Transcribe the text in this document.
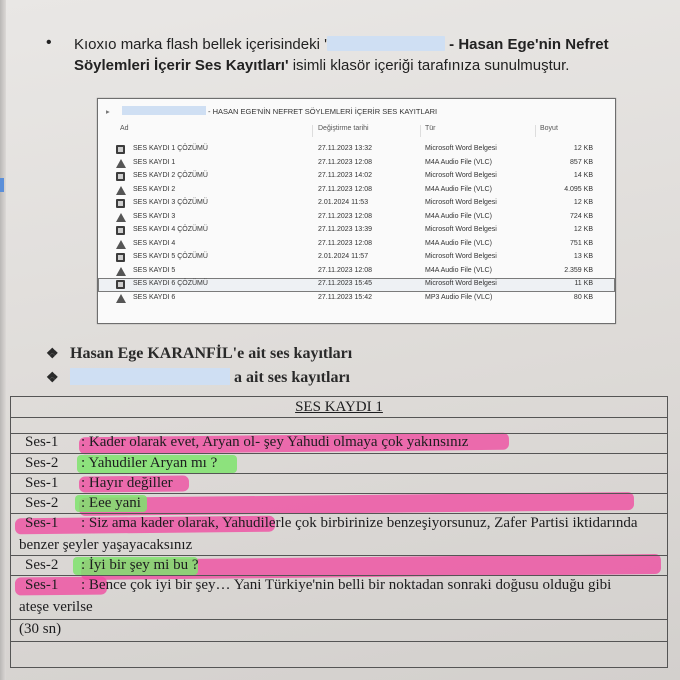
• Kıoxıo marka flash bellek içerisindeki '	- Hasan Ege'nin Nefret
Söylemleri İçerir Ses Kayıtları' isimli klasör içeriği tarafınıza sunulmuştur.
▸	- HASAN EGE'NİN NEFRET SÖYLEMLERİ İÇERİR SES KAYITLARI
Ad	Değiştirme tarihi	Tür	Boyut
SES KAYDI 1 ÇÖZÜMÜ	27.11.2023 13:32	Microsoft Word Belgesi	12 KB
SES KAYDI 1	27.11.2023 12:08	M4A Audio File (VLC)	857 KB
SES KAYDI 2 ÇÖZÜMÜ	27.11.2023 14:02	Microsoft Word Belgesi	14 KB
SES KAYDI 2	27.11.2023 12:08	M4A Audio File (VLC)	4.095 KB
SES KAYDI 3 ÇÖZÜMÜ	2.01.2024 11:53	Microsoft Word Belgesi	12 KB
SES KAYDI 3	27.11.2023 12:08	M4A Audio File (VLC)	724 KB
SES KAYDI 4 ÇÖZÜMÜ	27.11.2023 13:39	Microsoft Word Belgesi	12 KB
SES KAYDI 4	27.11.2023 12:08	M4A Audio File (VLC)	751 KB
SES KAYDI 5 ÇÖZÜMÜ	2.01.2024 11:57	Microsoft Word Belgesi	13 KB
SES KAYDI 5	27.11.2023 12:08	M4A Audio File (VLC)	2.359 KB
SES KAYDI 6 ÇÖZÜMÜ	27.11.2023 15:45	Microsoft Word Belgesi	11 KB
SES KAYDI 6	27.11.2023 15:42	MP3 Audio File (VLC)	80 KB
❖ Hasan Ege KARANFİL'e ait ses kayıtları
❖	a ait ses kayıtları
SES KAYDI 1
Ses-1 : Kader olarak evet, Aryan ol- şey Yahudi olmaya çok yakınsınız
Ses-2 : Yahudiler Aryan mı ?
Ses-1 : Hayır değiller
Ses-2 : Eee yani
Ses-1 : Siz ama kader olarak, Yahudilerle çok birbirinize benzeşiyorsunuz, Zafer Partisi iktidarında
benzer şeyler yaşayacaksınız
Ses-2 : İyi bir şey mi bu ?
Ses-1 : Bence çok iyi bir şey… Yani Türkiye'nin belli bir noktadan sonraki doğusu olduğu gibi
ateşe verilse
(30 sn)
